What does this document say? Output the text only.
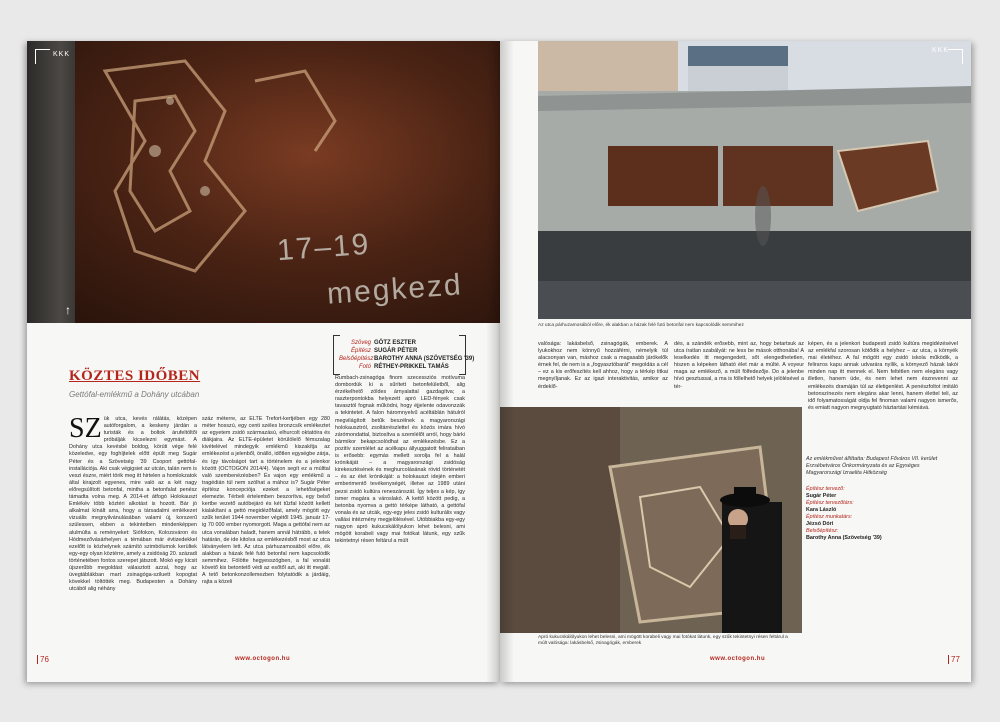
17–19
megkezd
KKK
↑
KÖZTES IDŐBEN
Gettófal-emlékmű a Dohány utcában
Szöveg GÖTZ ESZTER
Építész SUGÁR PÉTER
BelsőépítészBAROTHY ANNA (SZÖVETSÉG '39)
Fotó RÉTHEY-PRIKKEL TAMÁS
SZ ük utca, kevés rálátás, középen autóforgalom, a keskeny járdán a turisták és a boltok árufeltöltői próbálják kicselezni egymást. A Dohány utca kevésbé boldog, körúti vége felé közeledve, egy foghíjtelek előtt épült meg Sugár Péter és a Szövetség '39 Csoport gettófal-installációja. Aki csak végigsiet az utcán, talán nem is veszi észre, miért törik meg itt hirtelen a homlokzatok által kirajzolt egyenes, mire való az a két nagy előregsúlított betonfal, mintha a betonfalat penész támadta volna meg. A 2014-et átfogó Holokauszt Emlékév több köztéri alkotást is hozott. Bár jó alkalmat kínált arra, hogy a társadalmi emlékezet vizuális megnyilvánulásában valami új, korszerű szülessen, ebben a tekintetben mindenképpen alulmúlta a reményeket: Siófokon, Kolozsváron és Hódmezővásárhelyen a témában már évtizedekkel ezelőtt is közhelynek számító szimbólumok kerültek egy-egy olyan köztérre, amely a zsidóság 20. századi történetében fontos szerepet játszott. Mokó egy kicsit újszerűbb megoldást választott azzal, hogy az üvegtáblákban mart zsinagóga-sziluett kopogtat kövekkel töltötték meg. Budapesten a Dohány utcából alig néhány
száz méterre, az ELTE Trefort-kertjében egy 280 méter hosszú, egy centi széles bronzcsík emlékeztet az egyetem zsidó származású, elhurcolt oktatóira és diákjaira. Az ELTE-épületet körülölelő fémszalag kivételével mindegyik emlékmű kiszakítja az emlékezést a jelenből, önálló, időtlen egységbe zárja, és így távolságot tart a történelem és a jelenkor között (OCTOGON 2014/4). Vajon segít ez a múlttal való szembenézésben? És vajon egy emlékmű a tragédián túl nem szólhat a mához is? Sugár Péter építész koncepciója ezeket a lehetőségeket elemezte. Térbeli értelemben beszorítva, egy belső kertbe vezető autóbejáró és két tűzfal között kellett kialakítani a gettó megidézőfalat, amely mögött egy szűk terület 1944 november végétől 1945. január 17-ig 70 000 ember nyomorgott. Maga a gettófal nem az utca vonalában haladt, hanem annál hátrább, a telek határán, de ide kitolva az emlékezésből most az utca látványelem lett. Az utca párhuzamosából előre, ék alakban a házak felé futó betonfal nem kapcsolódik semmihez. Fölötte hegyesszögben, a fal vonalát követő kis betontető védi az esőtől azt, aki itt megáll. A tető betonkonzollemezben folytatódik a járdáig, rajta a közeli
Rumbach-zsinagóga finom szecessziós motívuma dombordúk ki a sűrített betonfelületből, alig érzékelhető zöldes árnyalattal gazdagítva; a raszterpontokba helyezett apró LED-fények csak tavasztól fognak működni, hogy éjjelente odavonzzák a tekintetet. A falon háromnyelvű acéltáblán hátulról megvilágított betűk beszélnek a magyarországi holokausztról, zsoltárrészlettel és közös imára hívó zárómondattal, biztosítva a szemlélőt arról, hogy bárki bármikor bekapcsolódhat az emlékezésbe. Ez a pozitív szemlélet az acélkapu állyuggatott felirataiban is erősebb: egymás mellett sorolja fel a halál krónikáját – a magyarországi zsidóság kirekesztésének és meghurcolásának rövid történetét – és az élet krónikáját: a holokauszt idején emberi emberimentő tevékenységét, illetve az 1989 utáni pezsi zsidó kultúra reneszánszát. Így teljes a kép, így ismer magára a városlakó. A kettő között pedig, a betonba nyomva a gettó térképe látható, a gettófal vonala és az utcák, egy-egy jeles zsidó kulturális vagy vallási intézmény megjelölésével. Utóbbiakba egy-egy nagyon apró kukucskálólyukon lehet belesni, ami mögött korabeli vagy mai fotókat látunk, egy szűk tekintetnyi résen feltárul a múlt
76	www.octogon.hu
KKK
Az utca párhuzamosából előre, ék alakban a házak felé futó betonfal nem kapcsolódik semmihez
valósága: lakásbelső, zsinagógák, emberek. A lyukokhoz nem könnyű hozzáférni, némelyik túl alacsonyan van, máshoz csak a magasabb járókelők érnek fel, de nem is a „fogyasztóbarát” megoldás a cél – ez a kis erőfeszítés kell ahhoz, hogy a térkép titkai megnyíljanak. Ez az igazi interaktivitás, amikor az érdeklő-
dés, a szándék erősebb, mint az, hogy betartsuk az utca íratlan szabályát: ne less be mások otthonába! A leselkedés itt megengedett, sőt elengedhetetlen, hiszen a képeken látható élet már a múlté. A voyeur maga az emlékező, a múlt fölfedezője. Do a jelenbe hívó gesztussal, a ma is föllelhető helyek jelölésével a tér-
képen, és a jelenkori budapesti zsidó kultúra megidézésével az emlékfal szorosan kötődik a helyhez – az utca, a környék mai életéhez. A fal mögött egy zsidó iskola működik, a felirатos kapu annak udvarára nyílik, a környező házak lakói minden nap itt mennek el. Nem feltétlen nem elegáns vagy illetlen, hanem üde, és nem lehet nem észrevenni az emlékezés dramáján túl az életigenlést. A penészfoltot imitáló betonszínezés nem elegáns akar lenni, hanem élettel teli, az idő folyamatosságát oldja fel finoman valami nagyon ismerős, és emiatt nagyon megnyugtató háztartási kémiává.
Az emlékművet állíttatta: Budapest Főváros VII. kerület Erzsébetváros Önkormányzata és az Egységes Magyarországi Izraelita Hitközség
Építész tervező:
Sugár Péter
Építész tervezőtárs:
Kara László
Építész munkatárs:
Jézsó Dóri
Belsőépítész:
Barothy Anna (Szövetség '39)
Apró kukucskálólyukon lehet belesni, ami mögött korabeli vagy mai fotókat látunk, egy szűk tekintetnyi résen feltárul a múlt valósága: lakásbelső, zsinagógák, emberek
www.octogon.hu	77
